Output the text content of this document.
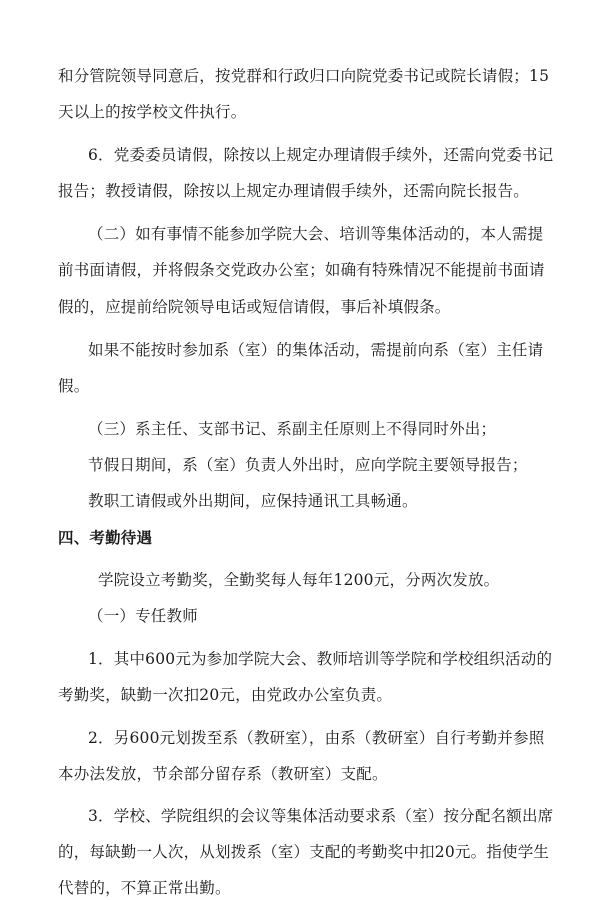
和分管院领导同意后，按党群和行政归口向院党委书记或院长请假；15
天以上的按学校文件执行。
6．党委委员请假，除按以上规定办理请假手续外，还需向党委书记
报告；教授请假，除按以上规定办理请假手续外，还需向院长报告。
（二）如有事情不能参加学院大会、培训等集体活动的，本人需提
前书面请假，并将假条交党政办公室；如确有特殊情况不能提前书面请
假的，应提前给院领导电话或短信请假，事后补填假条。
如果不能按时参加系（室）的集体活动，需提前向系（室）主任请
假。
（三）系主任、支部书记、系副主任原则上不得同时外出；
节假日期间，系（室）负责人外出时，应向学院主要领导报告；
教职工请假或外出期间，应保持通讯工具畅通。
四、考勤待遇
学院设立考勤奖，全勤奖每人每年1200元，分两次发放。
（一）专任教师
1．其中600元为参加学院大会、教师培训等学院和学校组织活动的
考勤奖，缺勤一次扣20元，由党政办公室负责。
2．另600元划拨至系（教研室），由系（教研室）自行考勤并参照
本办法发放，节余部分留存系（教研室）支配。
3．学校、学院组织的会议等集体活动要求系（室）按分配名额出席
的，每缺勤一人次，从划拨系（室）支配的考勤奖中扣20元。指使学生
代替的，不算正常出勤。
